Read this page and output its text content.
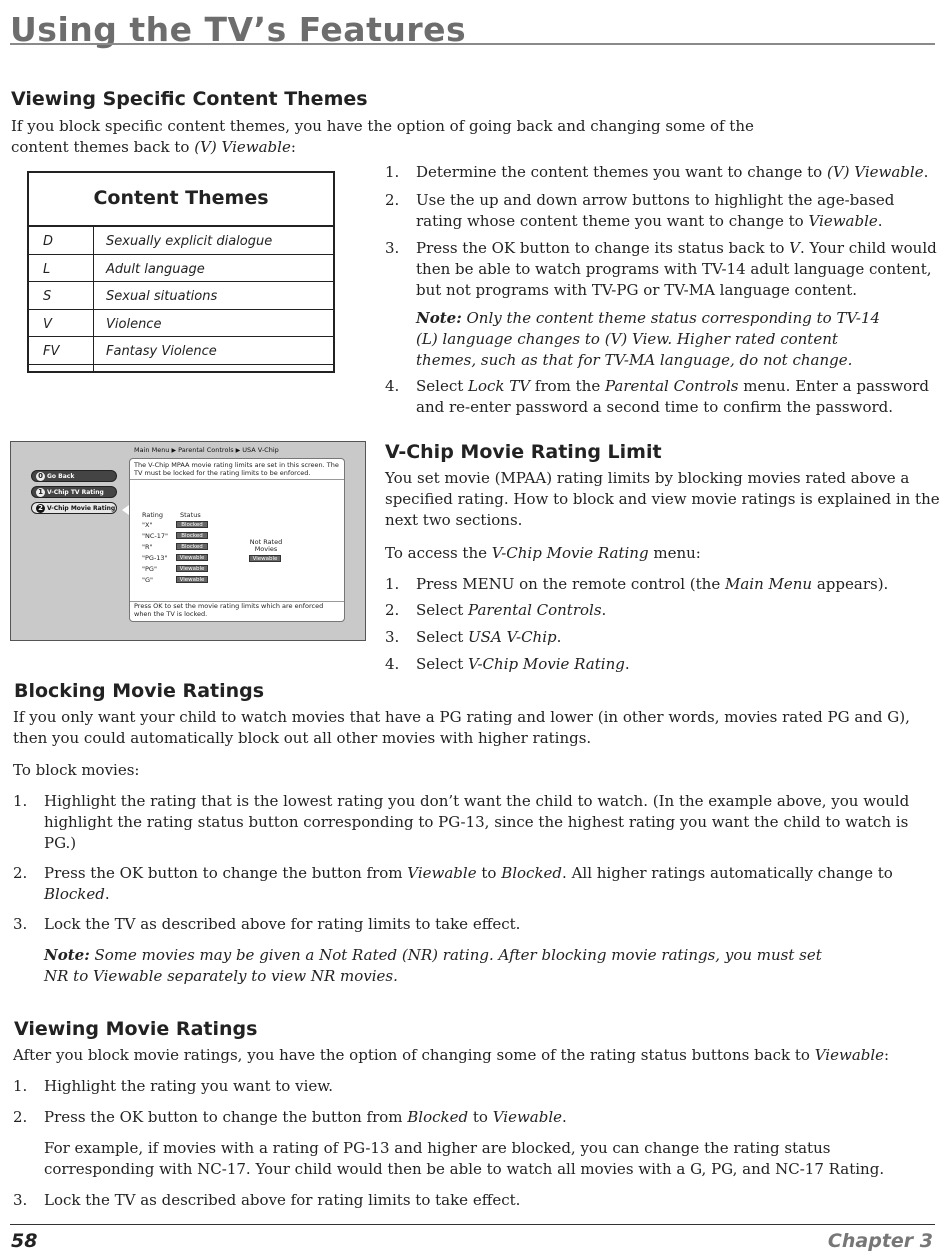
Using the TV’s Features
Viewing Specific Content Themes
If you block specific content themes, you have the option of going back and changing some of the
content themes back to (V) Viewable:
Content Themes
D	Sexually explicit dialogue
L	Adult language
S	Sexual situations
V	Violence
FV	Fantasy Violence
1. Determine the content themes you want to change to (V) Viewable.
2. Use the up and down arrow buttons to highlight the age-based rating whose content theme you want to change to Viewable.
3. Press the OK button to change its status back to V. Your child would then be able to watch programs with TV-14 adult language content, but not programs with TV-PG or TV-MA language content.
Note: Only the content theme status corresponding to TV-14 (L) language changes to (V) View. Higher rated content themes, such as that for TV-MA language, do not change.
4. Select Lock TV from the Parental Controls menu. Enter a password and re-enter password a second time to confirm the password.
0 Go Back
1 V-Chip TV Rating
2 V-Chip Movie Rating
Main Menu ▶ Parental Controls ▶ USA V-Chip
The V-Chip MPAA movie rating limits are set in this screen. The TV must be locked for the rating limits to be enforced.
Rating	Status
"X"	Blocked
"NC-17"	Blocked
"R"	Blocked
"PG-13"	Viewable
"PG"	Viewable
"G"	Viewable
Not Rated Movies
Viewable
Press OK to set the movie rating limits which are enforced when the TV is locked.
V-Chip Movie Rating Limit
You set movie (MPAA) rating limits by blocking movies rated above a specified rating. How to block and view movie ratings is explained in the next two sections.
To access the V-Chip Movie Rating menu:
1. Press MENU on the remote control (the Main Menu appears).
2. Select Parental Controls.
3. Select USA V-Chip.
4. Select V-Chip Movie Rating.
Blocking Movie Ratings
If you only want your child to watch movies that have a PG rating and lower (in other words, movies rated PG and G), then you could automatically block out all other movies with higher ratings.
To block movies:
1. Highlight the rating that is the lowest rating you don’t want the child to watch. (In the example above, you would highlight the rating status button corresponding to PG-13, since the highest rating you want the child to watch is PG.)
2. Press the OK button to change the button from Viewable to Blocked. All higher ratings automatically change to Blocked.
3. Lock the TV as described above for rating limits to take effect.
Note: Some movies may be given a Not Rated (NR) rating. After blocking movie ratings, you must set NR to Viewable separately to view NR movies.
Viewing Movie Ratings
After you block movie ratings, you have the option of changing some of the rating status buttons back to Viewable:
1. Highlight the rating you want to view.
2. Press the OK button to change the button from Blocked to Viewable.
For example, if movies with a rating of PG-13 and higher are blocked, you can change the rating status corresponding with NC-17. Your child would then be able to watch all movies with a G, PG, and NC-17 Rating.
3. Lock the TV as described above for rating limits to take effect.
58	Chapter 3
